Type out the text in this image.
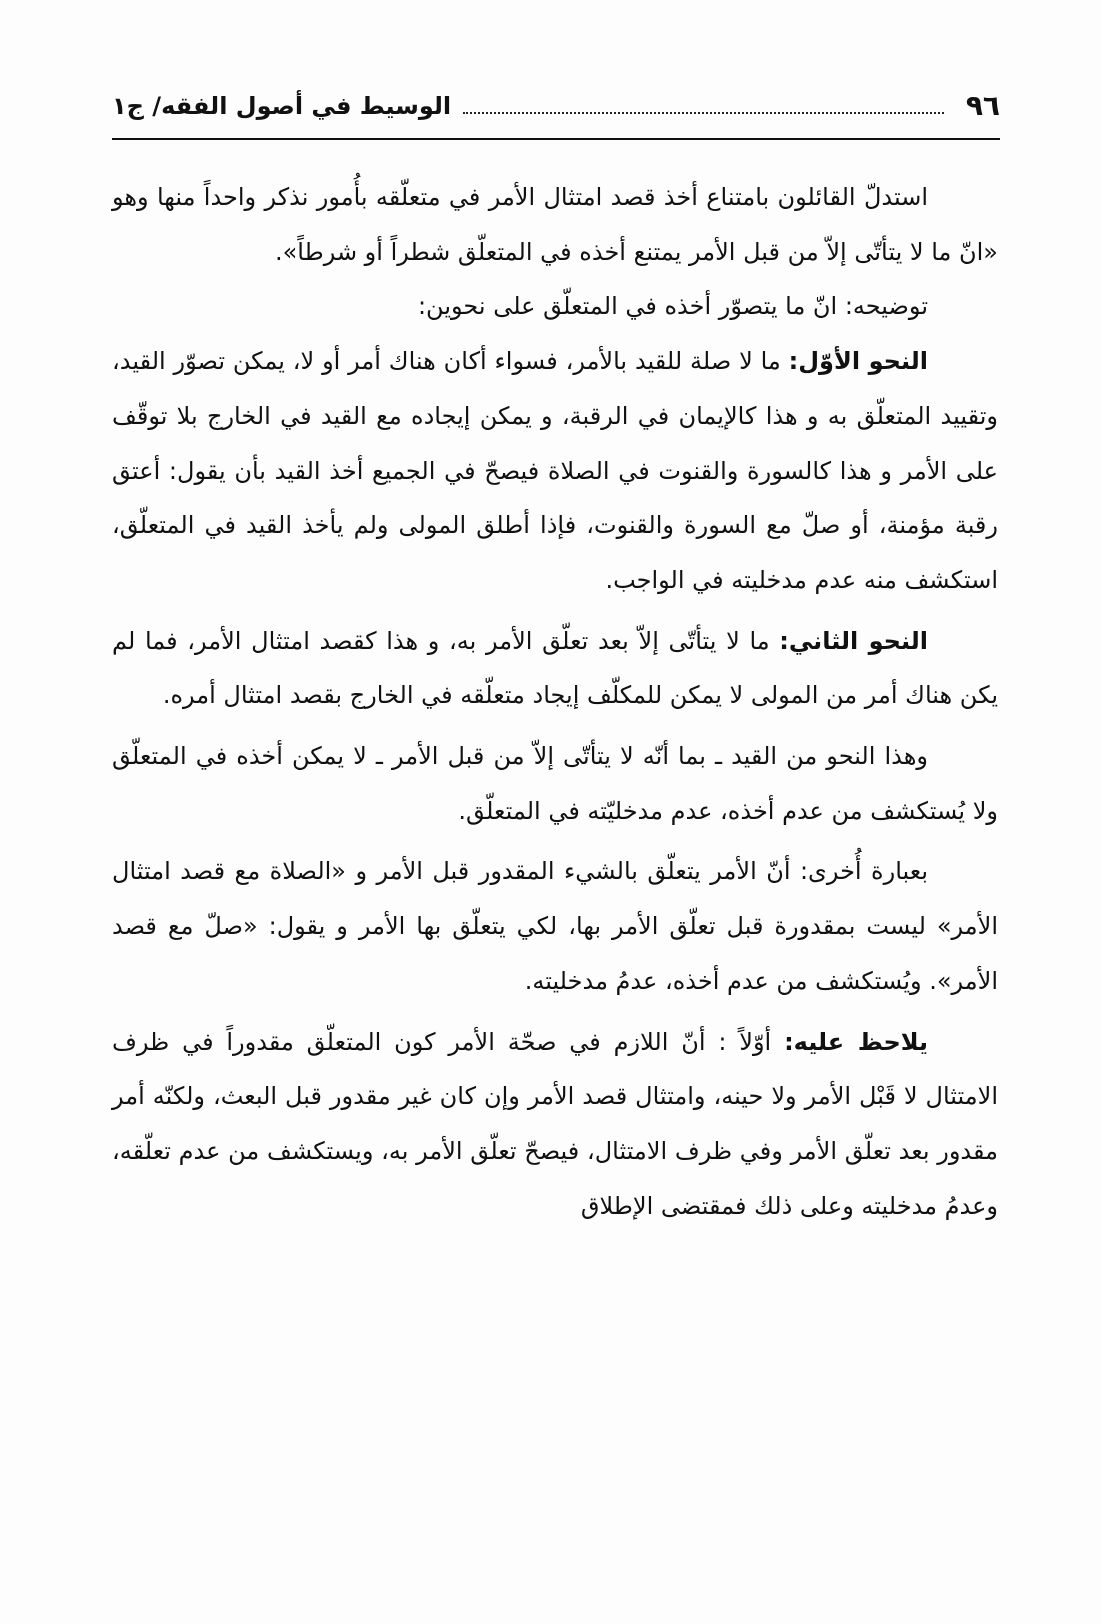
٩٦
الوسيط في أصول الفقه/ ج١

استدلّ القائلون بامتناع أخذ قصد امتثال الأمر في متعلّقه بأُمور نذكر واحداً منها وهو «انّ ما لا يتأتّى إلاّ من قبل الأمر يمتنع أخذه في المتعلّق شطراً أو شرطاً».

توضيحه: انّ ما يتصوّر أخذه في المتعلّق على نحوين:

النحو الأوّل: ما لا صلة للقيد بالأمر، فسواء أكان هناك أمر أو لا، يمكن تصوّر القيد، وتقييد المتعلّق به و هذا كالإيمان في الرقبة، و يمكن إيجاده مع القيد في الخارج بلا توقّف على الأمر و هذا كالسورة والقنوت في الصلاة فيصحّ في الجميع أخذ القيد بأن يقول: أعتق رقبة مؤمنة، أو صلّ مع السورة والقنوت، فإذا أطلق المولى ولم يأخذ القيد في المتعلّق، استكشف منه عدم مدخليته في الواجب.

النحو الثاني: ما لا يتأتّى إلاّ بعد تعلّق الأمر به، و هذا كقصد امتثال الأمر، فما لم يكن هناك أمر من المولى لا يمكن للمكلّف إيجاد متعلّقه في الخارج بقصد امتثال أمره.

وهذا النحو من القيد ـ بما أنّه لا يتأتّى إلاّ من قبل الأمر ـ لا يمكن أخذه في المتعلّق ولا يُستكشف من عدم أخذه، عدم مدخليّته في المتعلّق.

بعبارة أُخرى: أنّ الأمر يتعلّق بالشيء المقدور قبل الأمر و «الصلاة مع قصد امتثال الأمر» ليست بمقدورة قبل تعلّق الأمر بها، لكي يتعلّق بها الأمر و يقول: «صلّ مع قصد الأمر». ويُستكشف من عدم أخذه، عدمُ مدخليته.

يلاحظ عليه: أوّلاً : أنّ اللازم في صحّة الأمر كون المتعلّق مقدوراً في ظرف الامتثال لا قَبْل الأمر ولا حينه، وامتثال قصد الأمر وإن كان غير مقدور قبل البعث، ولكنّه أمر مقدور بعد تعلّق الأمر وفي ظرف الامتثال، فيصحّ تعلّق الأمر به، ويستكشف من عدم تعلّقه، وعدمُ مدخليته وعلى ذلك فمقتضى الإطلاق
